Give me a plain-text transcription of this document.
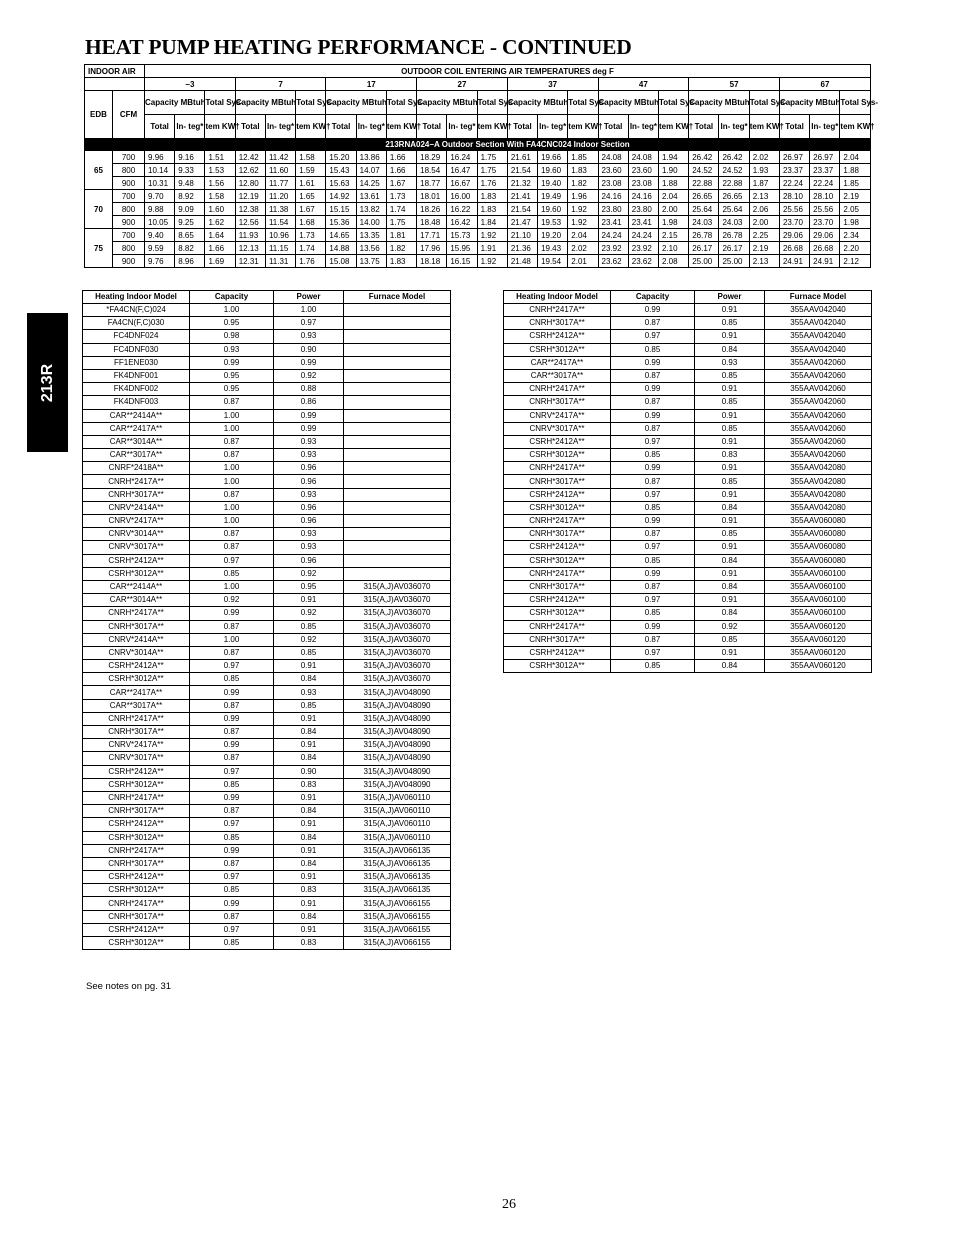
HEAT PUMP HEATING PERFORMANCE - CONTINUED
213R
INDOOR AIR		OUTDOOR COIL ENTERING AIR TEMPERATURES deg F																							
		−3			7			17			27			37			47			57			67		
EDB	CFM	Capacity MBtuh		Total Sys-	Capacity MBtuh		Total Sys-	Capacity MBtuh		Total Sys-	Capacity MBtuh		Total Sys-	Capacity MBtuh		Total Sys-	Capacity MBtuh		Total Sys-	Capacity MBtuh		Total Sys-	Capacity MBtuh		Total Sys-
		Total	In- teg*	tem KW†	Total	In- teg*	tem KW†	Total	In- teg*	tem KW†	Total	In- teg*	tem KW†	Total	In- teg*	tem KW†	Total	In- teg*	tem KW†	Total	In- teg*	tem KW†	Total	In- teg*	tem KW†
		213RNA024−A Outdoor Section With FA4CNC024 Indoor Section																							
65	700	9.96	9.16	1.51	12.42	11.42	1.58	15.20	13.86	1.66	18.29	16.24	1.75	21.61	19.66	1.85	24.08	24.08	1.94	26.42	26.42	2.02	26.97	26.97	2.04
	800	10.14	9.33	1.53	12.62	11.60	1.59	15.43	14.07	1.66	18.54	16.47	1.75	21.54	19.60	1.83	23.60	23.60	1.90	24.52	24.52	1.93	23.37	23.37	1.88
	900	10.31	9.48	1.56	12.80	11.77	1.61	15.63	14.25	1.67	18.77	16.67	1.76	21.32	19.40	1.82	23.08	23.08	1.88	22.88	22.88	1.87	22.24	22.24	1.85
70	700	9.70	8.92	1.58	12.19	11.20	1.65	14.92	13.61	1.73	18.01	16.00	1.83	21.41	19.49	1.96	24.16	24.16	2.04	26.65	26.65	2.13	28.10	28.10	2.19
	800	9.88	9.09	1.60	12.38	11.38	1.67	15.15	13.82	1.74	18.26	16.22	1.83	21.54	19.60	1.92	23.80	23.80	2.00	25.64	25.64	2.06	25.56	25.56	2.05
	900	10.05	9.25	1.62	12.56	11.54	1.68	15.36	14.00	1.75	18.48	16.42	1.84	21.47	19.53	1.92	23.41	23.41	1.98	24.03	24.03	2.00	23.70	23.70	1.98
75	700	9.40	8.65	1.64	11.93	10.96	1.73	14.65	13.35	1.81	17.71	15.73	1.92	21.10	19.20	2.04	24.24	24.24	2.15	26.78	26.78	2.25	29.06	29.06	2.34
	800	9.59	8.82	1.66	12.13	11.15	1.74	14.88	13.56	1.82	17.96	15.95	1.91	21.36	19.43	2.02	23.92	23.92	2.10	26.17	26.17	2.19	26.68	26.68	2.20
	900	9.76	8.96	1.69	12.31	11.31	1.76	15.08	13.75	1.83	18.18	16.15	1.92	21.48	19.54	2.01	23.62	23.62	2.08	25.00	25.00	2.13	24.91	24.91	2.12
Heating Indoor Model	Capacity	Power	Furnace Model
*FA4CN(F,C)024	1.00	1.00	
FA4CN(F,C)030	0.95	0.97	
FC4DNF024	0.98	0.93	
FC4DNF030	0.93	0.90	
FF1ENE030	0.99	0.99	
FK4DNF001	0.95	0.92	
FK4DNF002	0.95	0.88	
FK4DNF003	0.87	0.86	
CAR**2414A**	1.00	0.99	
CAR**2417A**	1.00	0.99	
CAR**3014A**	0.87	0.93	
CAR**3017A**	0.87	0.93	
CNRF*2418A**	1.00	0.96	
CNRH*2417A**	1.00	0.96	
CNRH*3017A**	0.87	0.93	
CNRV*2414A**	1.00	0.96	
CNRV*2417A**	1.00	0.96	
CNRV*3014A**	0.87	0.93	
CNRV*3017A**	0.87	0.93	
CSRH*2412A**	0.97	0.96	
CSRH*3012A**	0.85	0.92	
CAR**2414A**	1.00	0.95	315(A,J)AV036070
CAR**3014A**	0.92	0.91	315(A,J)AV036070
CNRH*2417A**	0.99	0.92	315(A,J)AV036070
CNRH*3017A**	0.87	0.85	315(A,J)AV036070
CNRV*2414A**	1.00	0.92	315(A,J)AV036070
CNRV*3014A**	0.87	0.85	315(A,J)AV036070
CSRH*2412A**	0.97	0.91	315(A,J)AV036070
CSRH*3012A**	0.85	0.84	315(A,J)AV036070
CAR**2417A**	0.99	0.93	315(A,J)AV048090
CAR**3017A**	0.87	0.85	315(A,J)AV048090
CNRH*2417A**	0.99	0.91	315(A,J)AV048090
CNRH*3017A**	0.87	0.84	315(A,J)AV048090
CNRV*2417A**	0.99	0.91	315(A,J)AV048090
CNRV*3017A**	0.87	0.84	315(A,J)AV048090
CSRH*2412A**	0.97	0.90	315(A,J)AV048090
CSRH*3012A**	0.85	0.83	315(A,J)AV048090
CNRH*2417A**	0.99	0.91	315(A,J)AV060110
CNRH*3017A**	0.87	0.84	315(A,J)AV060110
CSRH*2412A**	0.97	0.91	315(A,J)AV060110
CSRH*3012A**	0.85	0.84	315(A,J)AV060110
CNRH*2417A**	0.99	0.91	315(A,J)AV066135
CNRH*3017A**	0.87	0.84	315(A,J)AV066135
CSRH*2412A**	0.97	0.91	315(A,J)AV066135
CSRH*3012A**	0.85	0.83	315(A,J)AV066135
CNRH*2417A**	0.99	0.91	315(A,J)AV066155
CNRH*3017A**	0.87	0.84	315(A,J)AV066155
CSRH*2412A**	0.97	0.91	315(A,J)AV066155
CSRH*3012A**	0.85	0.83	315(A,J)AV066155
Heating Indoor Model	Capacity	Power	Furnace Model
CNRH*2417A**	0.99	0.91	355AAV042040
CNRH*3017A**	0.87	0.85	355AAV042040
CSRH*2412A**	0.97	0.91	355AAV042040
CSRH*3012A**	0.85	0.84	355AAV042040
CAR**2417A**	0.99	0.93	355AAV042060
CAR**3017A**	0.87	0.85	355AAV042060
CNRH*2417A**	0.99	0.91	355AAV042060
CNRH*3017A**	0.87	0.85	355AAV042060
CNRV*2417A**	0.99	0.91	355AAV042060
CNRV*3017A**	0.87	0.85	355AAV042060
CSRH*2412A**	0.97	0.91	355AAV042060
CSRH*3012A**	0.85	0.83	355AAV042060
CNRH*2417A**	0.99	0.91	355AAV042080
CNRH*3017A**	0.87	0.85	355AAV042080
CSRH*2412A**	0.97	0.91	355AAV042080
CSRH*3012A**	0.85	0.84	355AAV042080
CNRH*2417A**	0.99	0.91	355AAV060080
CNRH*3017A**	0.87	0.85	355AAV060080
CSRH*2412A**	0.97	0.91	355AAV060080
CSRH*3012A**	0.85	0.84	355AAV060080
CNRH*2417A**	0.99	0.91	355AAV060100
CNRH*3017A**	0.87	0.84	355AAV060100
CSRH*2412A**	0.97	0.91	355AAV060100
CSRH*3012A**	0.85	0.84	355AAV060100
CNRH*2417A**	0.99	0.92	355AAV060120
CNRH*3017A**	0.87	0.85	355AAV060120
CSRH*2412A**	0.97	0.91	355AAV060120
CSRH*3012A**	0.85	0.84	355AAV060120
See notes on pg. 31
26
